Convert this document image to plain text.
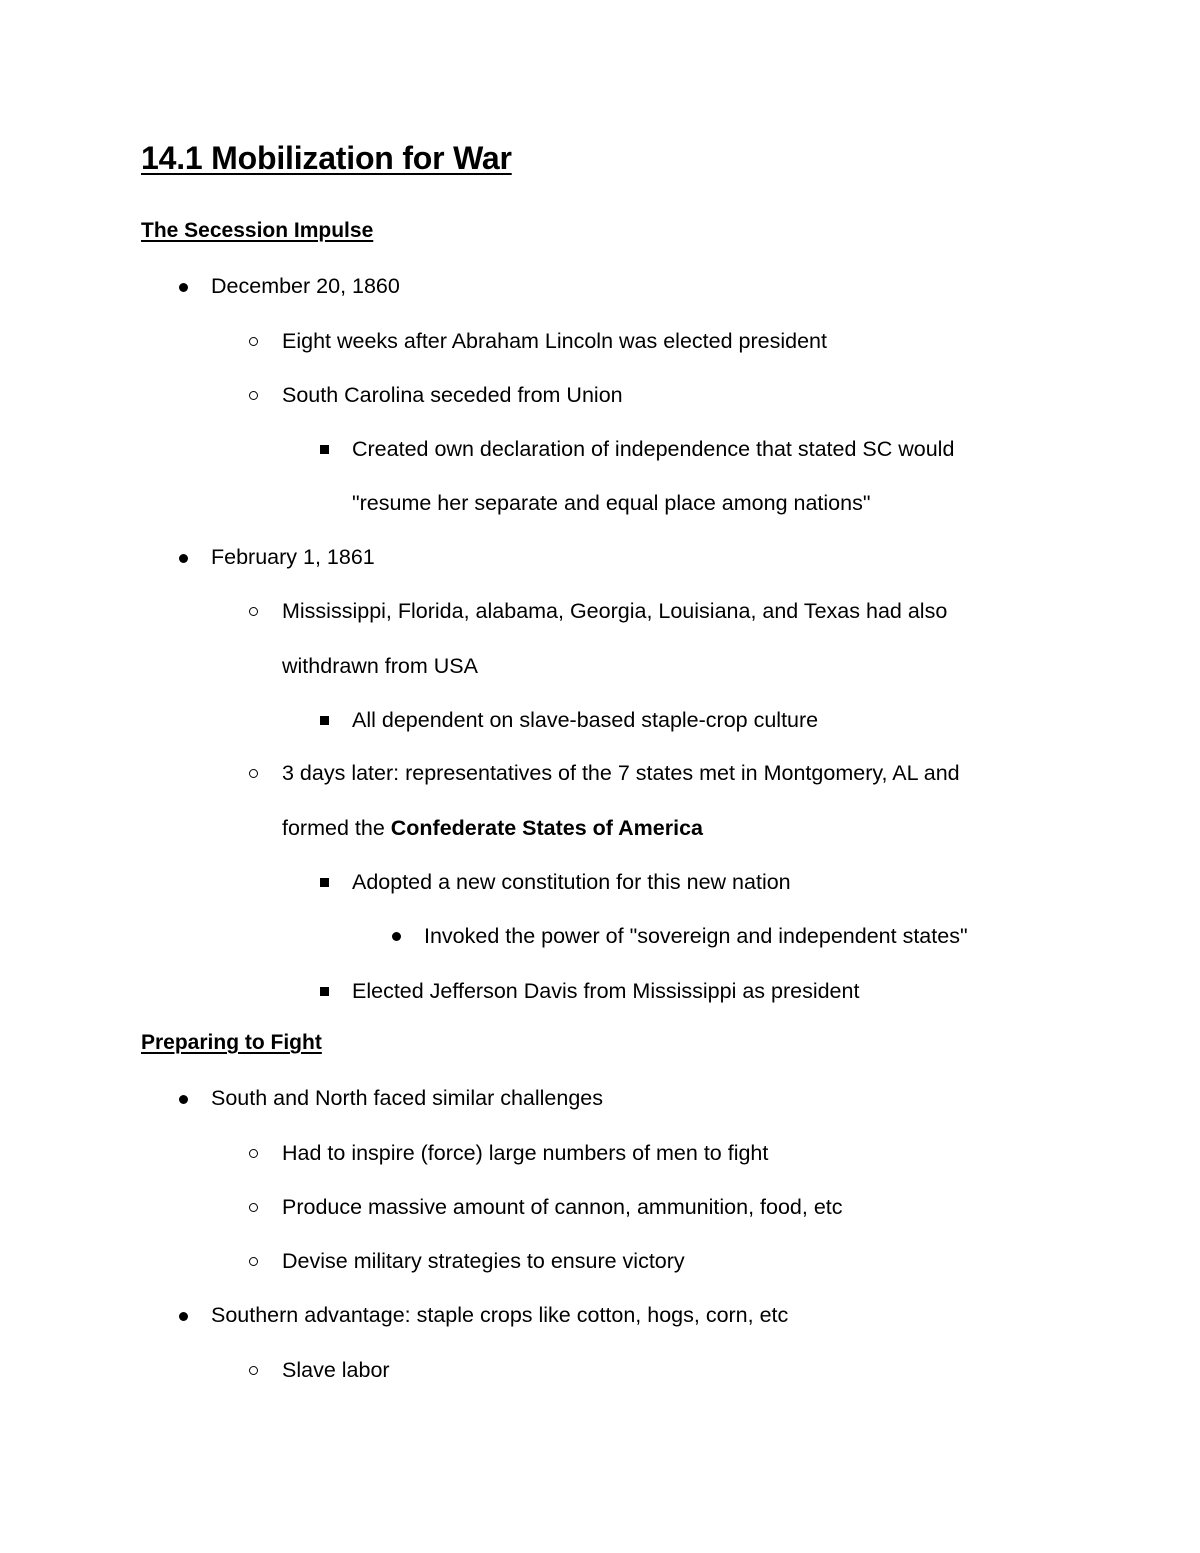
14.1 Mobilization for War
The Secession Impulse
December 20, 1860
Eight weeks after Abraham Lincoln was elected president
South Carolina seceded from Union
Created own declaration of independence that stated SC would
"resume her separate and equal place among nations"
February 1, 1861
Mississippi, Florida, alabama, Georgia, Louisiana, and Texas had also
withdrawn from USA
All dependent on slave-based staple-crop culture
3 days later: representatives of the 7 states met in Montgomery, AL and
formed the Confederate States of America
Adopted a new constitution for this new nation
Invoked the power of "sovereign and independent states"
Elected Jefferson Davis from Mississippi as president
Preparing to Fight
South and North faced similar challenges
Had to inspire (force) large numbers of men to fight
Produce massive amount of cannon, ammunition, food, etc
Devise military strategies to ensure victory
Southern advantage: staple crops like cotton, hogs, corn, etc
Slave labor
